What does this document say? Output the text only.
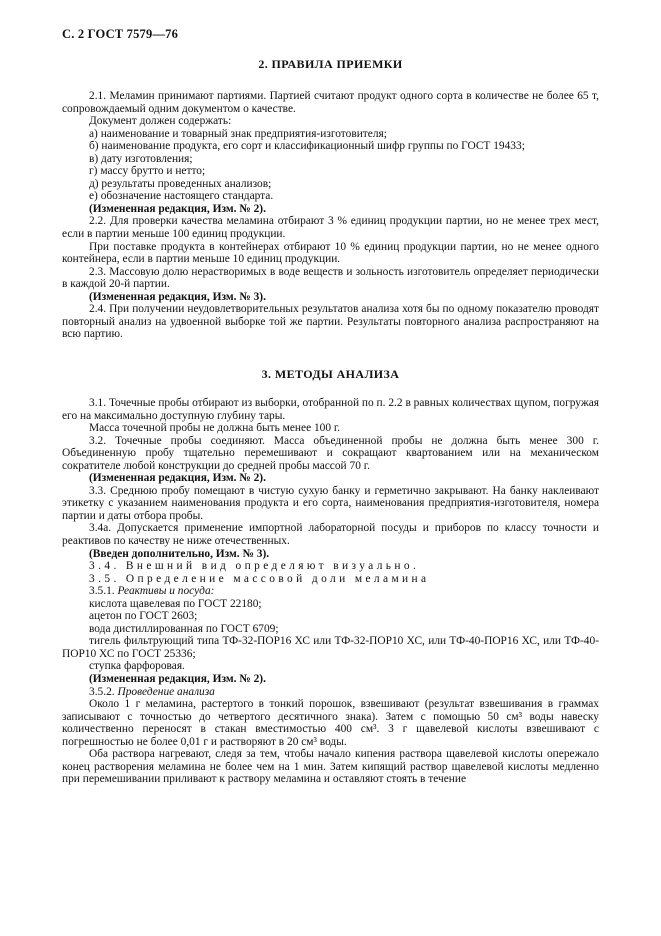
С. 2 ГОСТ 7579—76
2. ПРАВИЛА ПРИЕМКИ

2.1. Меламин принимают партиями. Партией считают продукт одного сорта в количестве не более 65 т, сопровождаемый одним документом о качестве.

Документ должен содержать:

а) наименование и товарный знак предприятия-изготовителя;

б) наименование продукта, его сорт и классификационный шифр группы по ГОСТ 19433;

в) дату изготовления;

г) массу брутто и нетто;

д) результаты проведенных анализов;

е) обозначение настоящего стандарта.

(Измененная редакция, Изм. № 2).

2.2. Для проверки качества меламина отбирают 3 % единиц продукции партии, но не менее трех мест, если в партии меньше 100 единиц продукции.

При поставке продукта в контейнерах отбирают 10 % единиц продукции партии, но не менее одного контейнера, если в партии меньше 10 единиц продукции.

2.3. Массовую долю нерастворимых в воде веществ и зольность изготовитель определяет периодически в каждой 20-й партии.

(Измененная редакция, Изм. № 3).

2.4. При получении неудовлетворительных результатов анализа хотя бы по одному показателю проводят повторный анализ на удвоенной выборке той же партии. Результаты повторного анализа распространяют на всю партию.

3. МЕТОДЫ АНАЛИЗА

3.1. Точечные пробы отбирают из выборки, отобранной по п. 2.2 в равных количествах щупом, погружая его на максимально доступную глубину тары.

Масса точечной пробы не должна быть менее 100 г.

3.2. Точечные пробы соединяют. Масса объединенной пробы не должна быть менее 300 г. Объединенную пробу тщательно перемешивают и сокращают квартованием или на механическом сократителе любой конструкции до средней пробы массой 70 г.

(Измененная редакция, Изм. № 2).

3.3. Среднюю пробу помещают в чистую сухую банку и герметично закрывают. На банку наклеивают этикетку с указанием наименования продукта и его сорта, наименования предприятия-изготовителя, номера партии и даты отбора пробы.

3.4а. Допускается применение импортной лабораторной посуды и приборов по классу точности и реактивов по качеству не ниже отечественных.

(Введен дополнительно, Изм. № 3).

3.4. Внешний вид определяют визуально.

3.5. Определение массовой доли меламина

3.5.1. Реактивы и посуда:

кислота щавелевая по ГОСТ 22180;

ацетон по ГОСТ 2603;

вода дистиллированная по ГОСТ 6709;

тигель фильтрующий типа ТФ-32-ПОР16 ХС или ТФ-32-ПОР10 ХС, или ТФ-40-ПОР16 ХС, или ТФ-40-ПОР10 ХС по ГОСТ 25336;

ступка фарфоровая.

(Измененная редакция, Изм. № 2).

3.5.2. Проведение анализа

Около 1 г меламина, растертого в тонкий порошок, взвешивают (результат взвешивания в граммах записывают с точностью до четвертого десятичного знака). Затем с помощью 50 см³ воды навеску количественно переносят в стакан вместимостью 400 см³. 3 г щавелевой кислоты взвешивают с погрешностью не более 0,01 г и растворяют в 20 см³ воды.

Оба раствора нагревают, следя за тем, чтобы начало кипения раствора щавелевой кислоты опережало конец растворения меламина не более чем на 1 мин. Затем кипящий раствор щавелевой кислоты медленно при перемешивании приливают к раствору меламина и оставляют стоять в течение
